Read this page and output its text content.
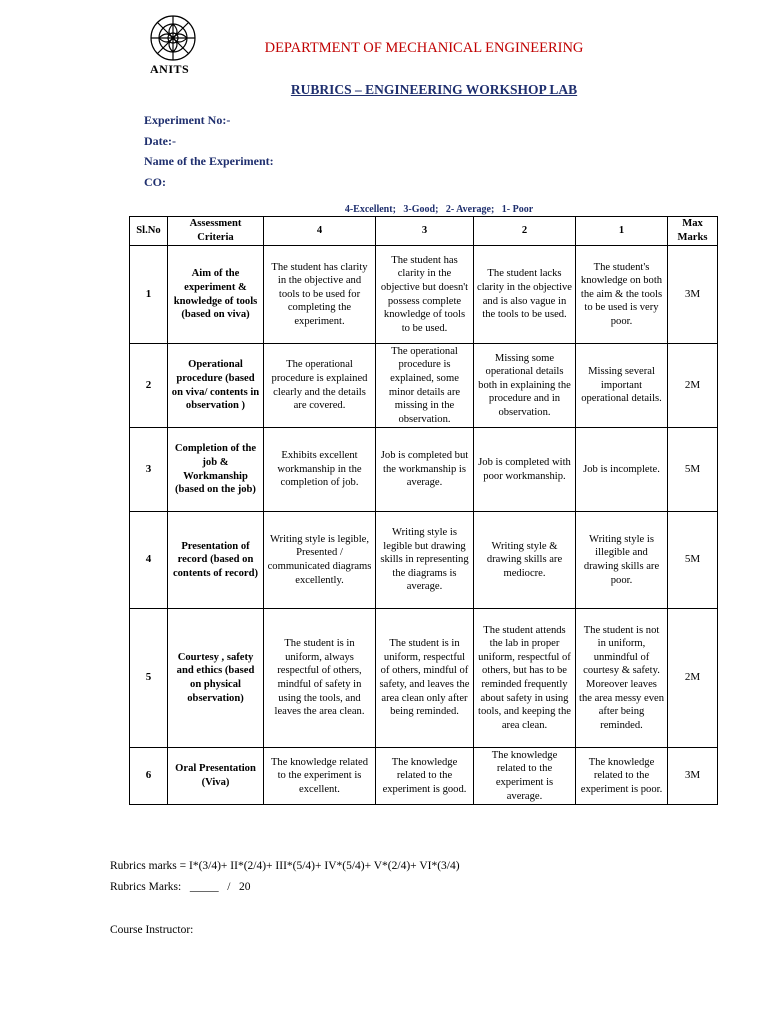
ANITS
DEPARTMENT OF MECHANICAL ENGINEERING
RUBRICS – ENGINEERING WORKSHOP LAB
Experiment No:-
Date:-
Name of the Experiment:
CO:
4-Excellent;   3-Good;   2- Average;   1- Poor
Sl.No	Assessment Criteria	4	3	2	1	Max Marks
1	Aim of the experiment & knowledge of tools (based on viva)	The student has clarity in the objective and tools to be used for completing the experiment.	The student has clarity in the objective but doesn't possess complete knowledge of tools to be used.	The student lacks clarity in the objective and is also vague in the tools to be used.	The student's knowledge on both the aim & the tools to be used is very poor.	3M
2	Operational procedure (based on viva/ contents in observation )	The operational procedure is explained clearly and the details are covered.	The operational procedure is explained, some minor details are missing in the observation.	Missing some operational details both in explaining the procedure and in observation.	Missing several important operational details.	2M
3	Completion of the job & Workmanship (based on the job)	Exhibits excellent workmanship in the completion of job.	Job is completed but the workmanship is average.	Job is completed with poor workmanship.	Job is incomplete.	5M
4	Presentation of record (based on contents of record)	Writing style is legible, Presented / communicated diagrams excellently.	Writing style is legible but drawing skills in representing the diagrams is average.	Writing style & drawing skills are mediocre.	Writing style is illegible and drawing skills are poor.	5M
5	Courtesy , safety and ethics (based on physical observation)	The student is in uniform, always respectful of others, mindful of safety in using the tools, and leaves the area clean.	The student is in uniform, respectful of others, mindful of safety, and leaves the area clean only after being reminded.	The student attends the lab in proper uniform, respectful of others, but has to be reminded frequently about safety in using tools, and keeping the area clean.	The student is not in uniform, unmindful of courtesy & safety. Moreover leaves the area messy even after being reminded.	2M
6	Oral Presentation (Viva)	The knowledge related to the experiment is excellent.	The knowledge related to the experiment is good.	The knowledge related to the experiment is average.	The knowledge related to the experiment is poor.	3M
Rubrics marks = I*(3/4)+ II*(2/4)+ III*(5/4)+ IV*(5/4)+ V*(2/4)+ VI*(3/4)
Rubrics Marks:   _____   /   20
Course Instructor:
